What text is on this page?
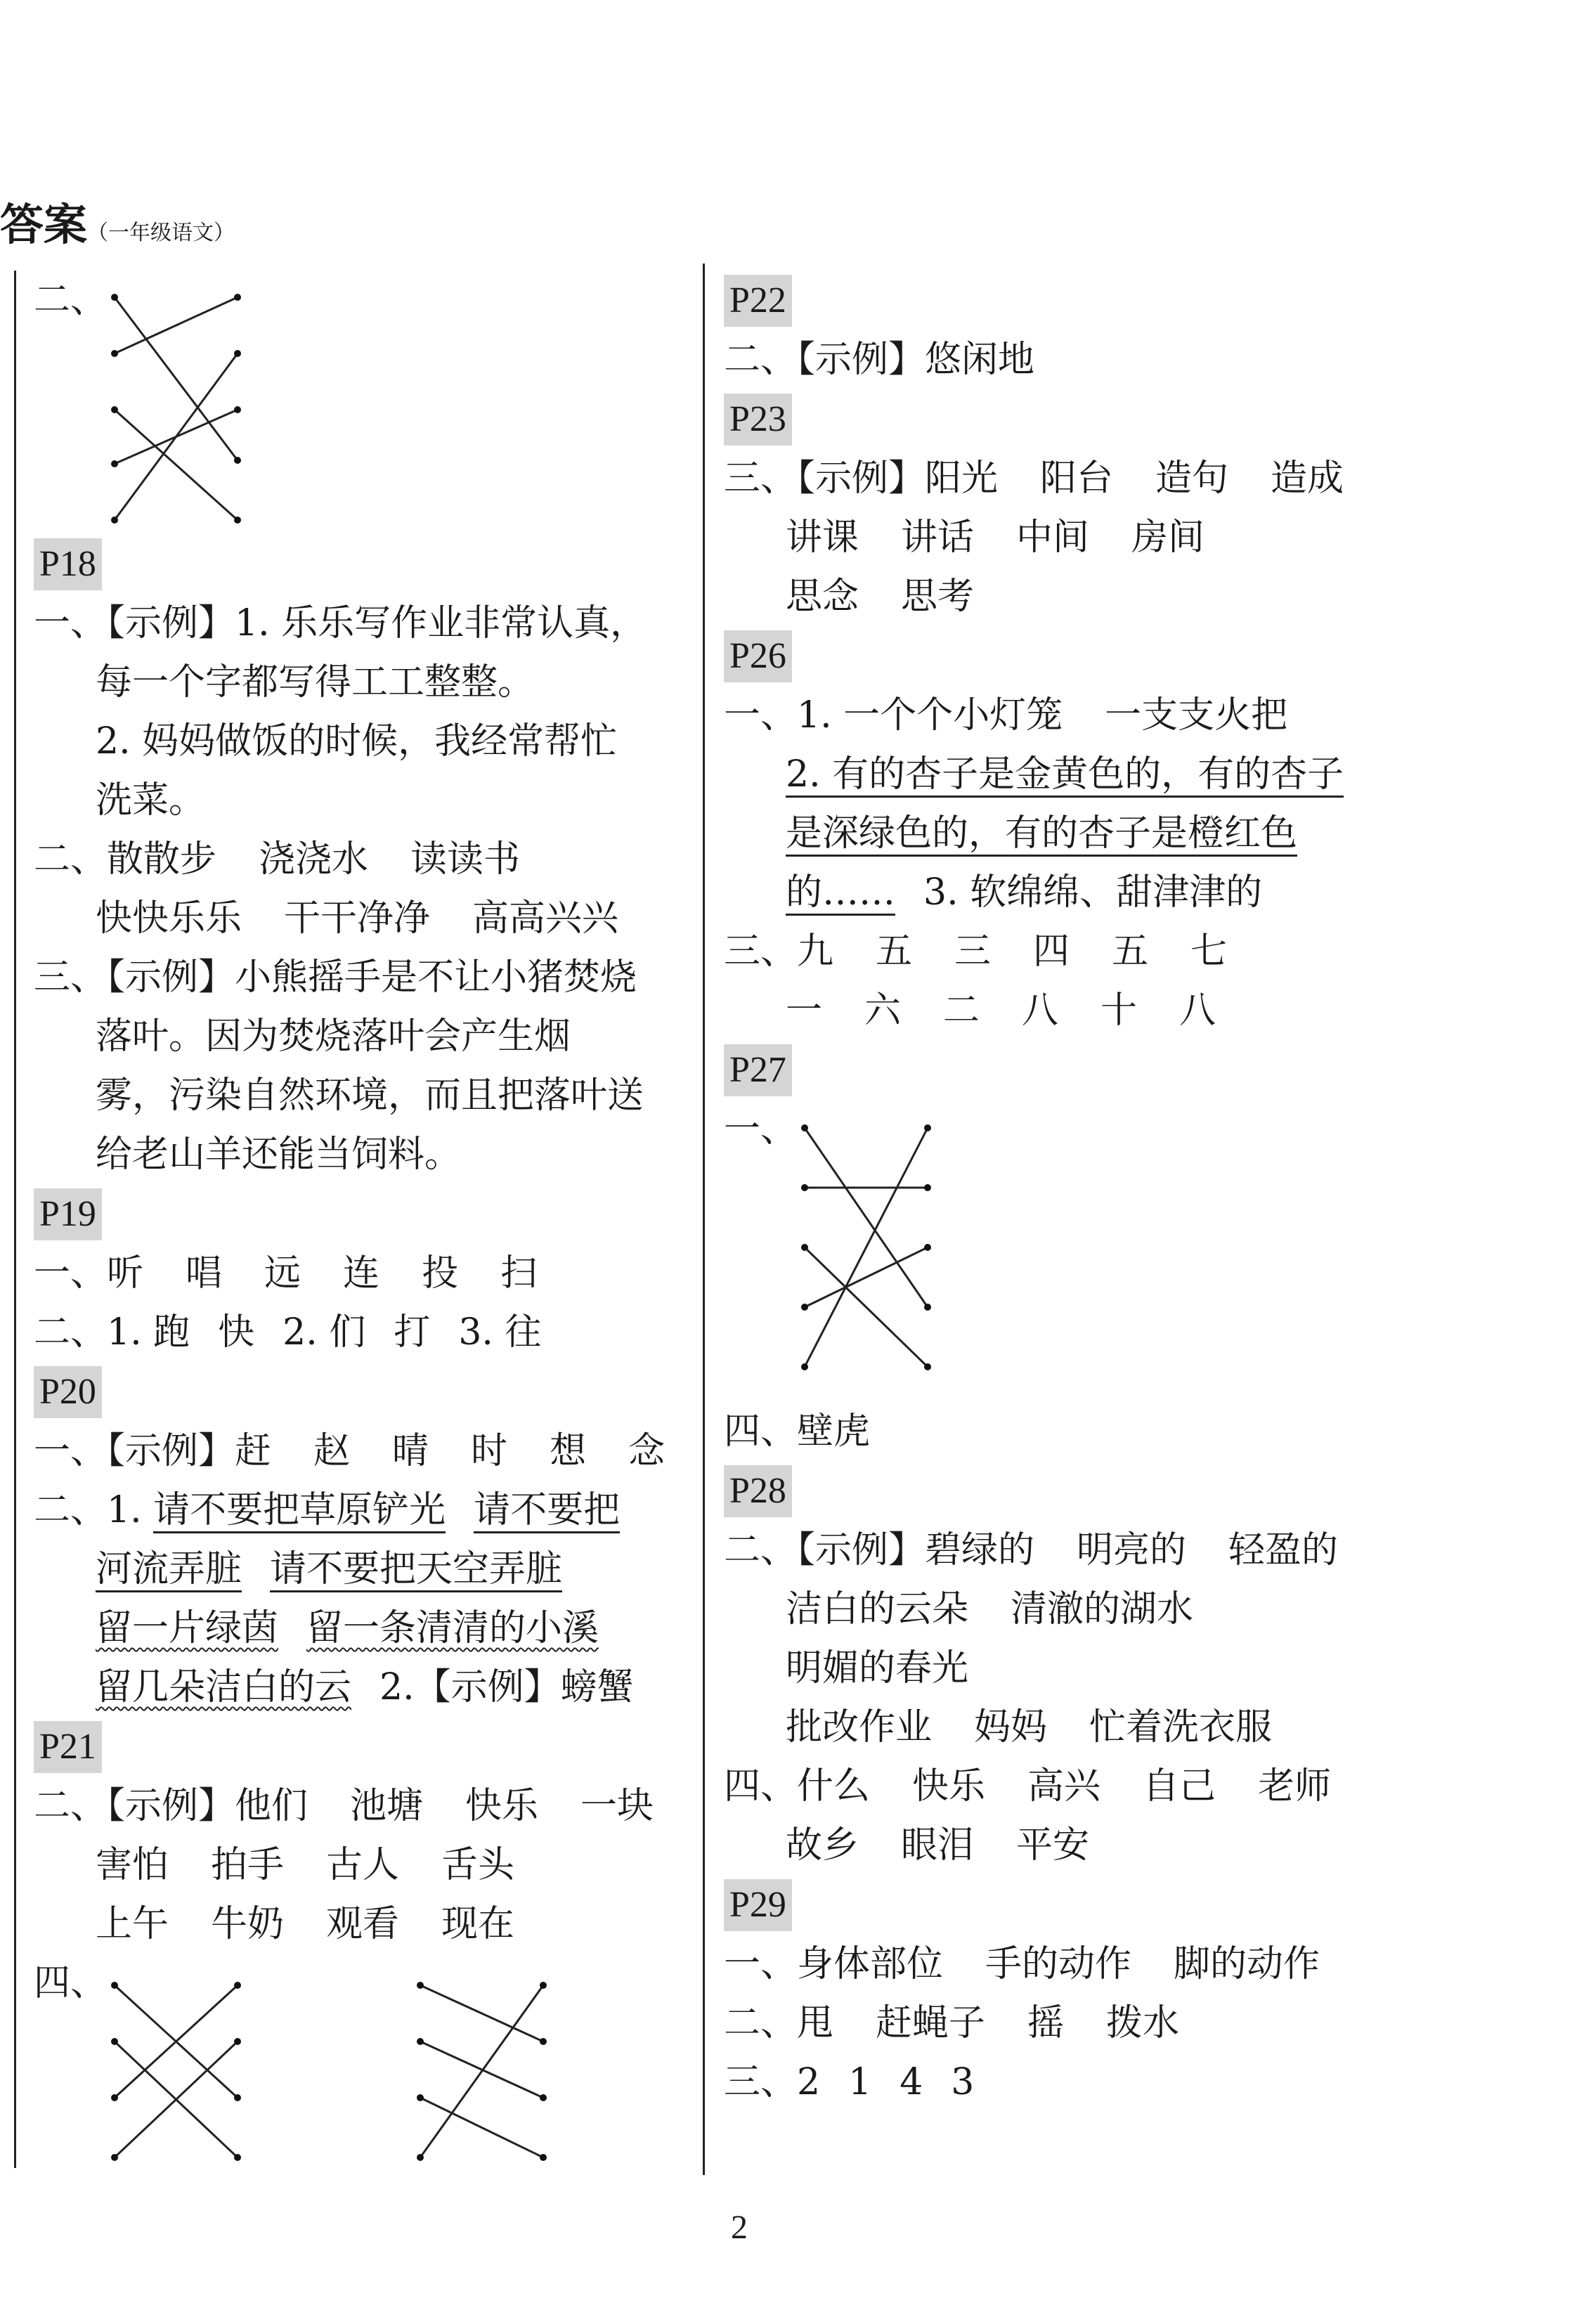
答案（一年级语文）
二、
P18
一、【示例】1. 乐乐写作业非常认真，
每一个字都写得工工整整。
2. 妈妈做饭的时候，我经常帮忙
洗菜。
二、散散步 浇浇水 读读书
快快乐乐 干干净净 高高兴兴
三、【示例】小熊摇手是不让小猪焚烧
落叶。因为焚烧落叶会产生烟
雾，污染自然环境，而且把落叶送
给老山羊还能当饲料。
P19
一、听 唱 远 连 投 扫
二、1. 跑 快 2. 们 打 3. 往
P20
一、【示例】赶 赵 晴 时 想 念
二、1. 请不要把草原铲光 请不要把
河流弄脏 请不要把天空弄脏
留一片绿茵 留一条清清的小溪
留几朵洁白的云 2.【示例】螃蟹
P21
二、【示例】他们 池塘 快乐 一块
害怕 拍手 古人 舌头
上午 牛奶 观看 现在
四、
P22
二、【示例】悠闲地
P23
三、【示例】阳光 阳台 造句 造成
讲课 讲话 中间 房间
思念 思考
P26
一、1. 一个个小灯笼 一支支火把
2. 有的杏子是金黄色的，有的杏子
是深绿色的，有的杏子是橙红色
的…… 3. 软绵绵、甜津津的
三、九 五 三 四 五 七
一 六 二 八 十 八
P27
一、
四、壁虎
P28
二、【示例】碧绿的 明亮的 轻盈的
洁白的云朵 清澈的湖水
明媚的春光
批改作业 妈妈 忙着洗衣服
四、什么 快乐 高兴 自己 老师
故乡 眼泪 平安
P29
一、身体部位 手的动作 脚的动作
二、甩 赶蝇子 摇 拨水
三、2 1 4 3
2
